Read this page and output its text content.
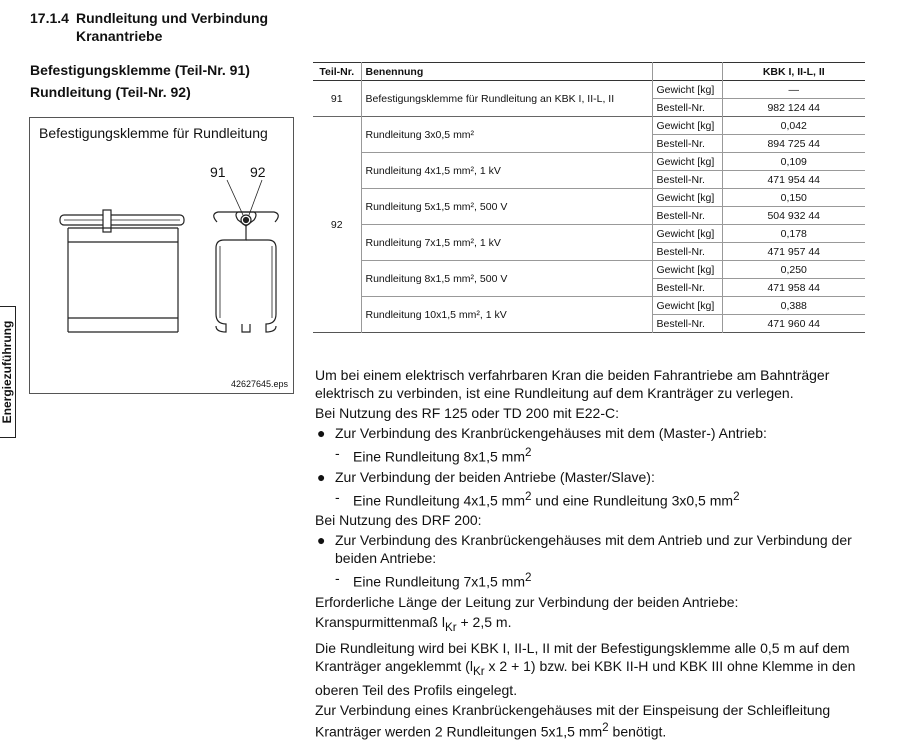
17.1.4 Rundleitung und Verbindung
Kranantriebe
Befestigungsklemme (Teil-Nr. 91)
Rundleitung (Teil-Nr. 92)
Energiezuführung
Befestigungsklemme für Rundleitung
91 92
42627645.eps
Teil-Nr.	Benennung		KBK I, II-L, II
91	Befestigungsklemme für Rundleitung an KBK I, II-L, II	Gewicht [kg]	—
		Bestell-Nr.	982 124 44
92	Rundleitung 3x0,5 mm²	Gewicht [kg]	0,042
		Bestell-Nr.	894 725 44
	Rundleitung 4x1,5 mm², 1 kV	Gewicht [kg]	0,109
		Bestell-Nr.	471 954 44
	Rundleitung 5x1,5 mm², 500 V	Gewicht [kg]	0,150
		Bestell-Nr.	504 932 44
	Rundleitung 7x1,5 mm², 1 kV	Gewicht [kg]	0,178
		Bestell-Nr.	471 957 44
	Rundleitung 8x1,5 mm², 500 V	Gewicht [kg]	0,250
		Bestell-Nr.	471 958 44
	Rundleitung 10x1,5 mm², 1 kV	Gewicht [kg]	0,388
		Bestell-Nr.	471 960 44

Um bei einem elektrisch verfahrbaren Kran die beiden Fahrantriebe am Bahnträger elektrisch zu verbinden, ist eine Rundleitung auf dem Kranträger zu verlegen.

Bei Nutzung des RF 125 oder TD 200 mit E22-C:

● Zur Verbindung des Kranbrückengehäuses mit dem (Master-) Antrieb:
- Eine Rundleitung 8x1,5 $mm^2$
● Zur Verbindung der beiden Antriebe (Master/Slave):
- Eine Rundleitung 4x1,5 $mm^2$ und eine Rundleitung 3x0,5 $mm^2$

Bei Nutzung des DRF 200:

● Zur Verbindung des Kranbrückengehäuses mit dem Antrieb und zur Verbindung der beiden Antriebe:
- Eine Rundleitung 7x1,5 $mm^2$

Erforderliche Länge der Leitung zur Verbindung der beiden Antriebe:

Kranspurmittenmaß $l_{Kr} + 2,5$ m.

Die Rundleitung wird bei KBK I, II-L, II mit der Befestigungsklemme alle 0,5 m auf dem Kranträger angeklemmt ($l_{Kr}$ x 2 + 1) bzw. bei KBK II-H und KBK III ohne Klemme in den oberen Teil des Profils eingelegt.

Zur Verbindung eines Kranbrückengehäuses mit der Einspeisung der Schleifleitung Kranträger werden 2 Rundleitungen 5x1,5 $mm^2$ benötigt.
